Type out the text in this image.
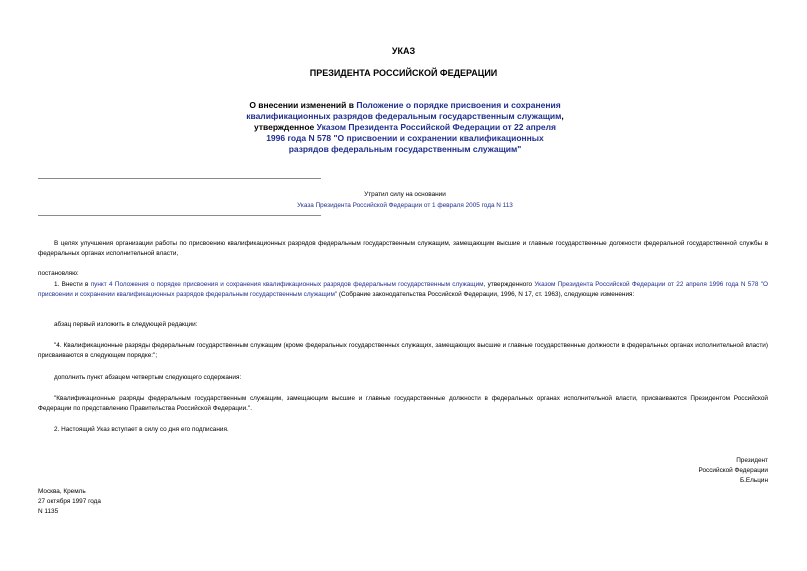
УКАЗ
ПРЕЗИДЕНТА РОССИЙСКОЙ ФЕДЕРАЦИИ
О внесении изменений в Положение о порядке присвоения и сохранения квалификационных разрядов федеральным государственным служащим, утвержденное Указом Президента Российской Федерации от 22 апреля 1996 года N 578 "О присвоении и сохранении квалификационных разрядов федеральным государственным служащим"
Утратил силу на основании
Указа Президента Российской Федерации от 1 февраля 2005 года N 113
В целях улучшения организации работы по присвоению квалификационных разрядов федеральным государственным служащим, замещающим высшие и главные государственные должности федеральной государственной службы в федеральных органах исполнительной власти,
постановляю:
1. Внести в пункт 4 Положения о порядке присвоения и сохранения квалификационных разрядов федеральным государственным служащим, утвержденного Указом Президента Российской Федерации от 22 апреля 1996 года N 578 "О присвоении и сохранении квалификационных разрядов федеральным государственным служащим" (Собрание законодательства Российской Федерации, 1996, N 17, ст. 1963), следующие изменения:
абзац первый изложить в следующей редакции:
"4. Квалификационные разряды федеральным государственным служащим (кроме федеральных государственных служащих, замещающих высшие и главные государственные должности в федеральных органах исполнительной власти) присваиваются в следующем порядке:";
дополнить пункт абзацем четвертым следующего содержания:
"Квалификационные разряды федеральным государственным служащим, замещающим высшие и главные государственные должности в федеральных органах исполнительной власти, присваиваются Президентом Российской Федерации по представлению Правительства Российской Федерации.".
2. Настоящий Указ вступает в силу со дня его подписания.
Президент
Российской Федерации
Б.Ельцин
Москва, Кремль
27 октября 1997 года
N 1135
